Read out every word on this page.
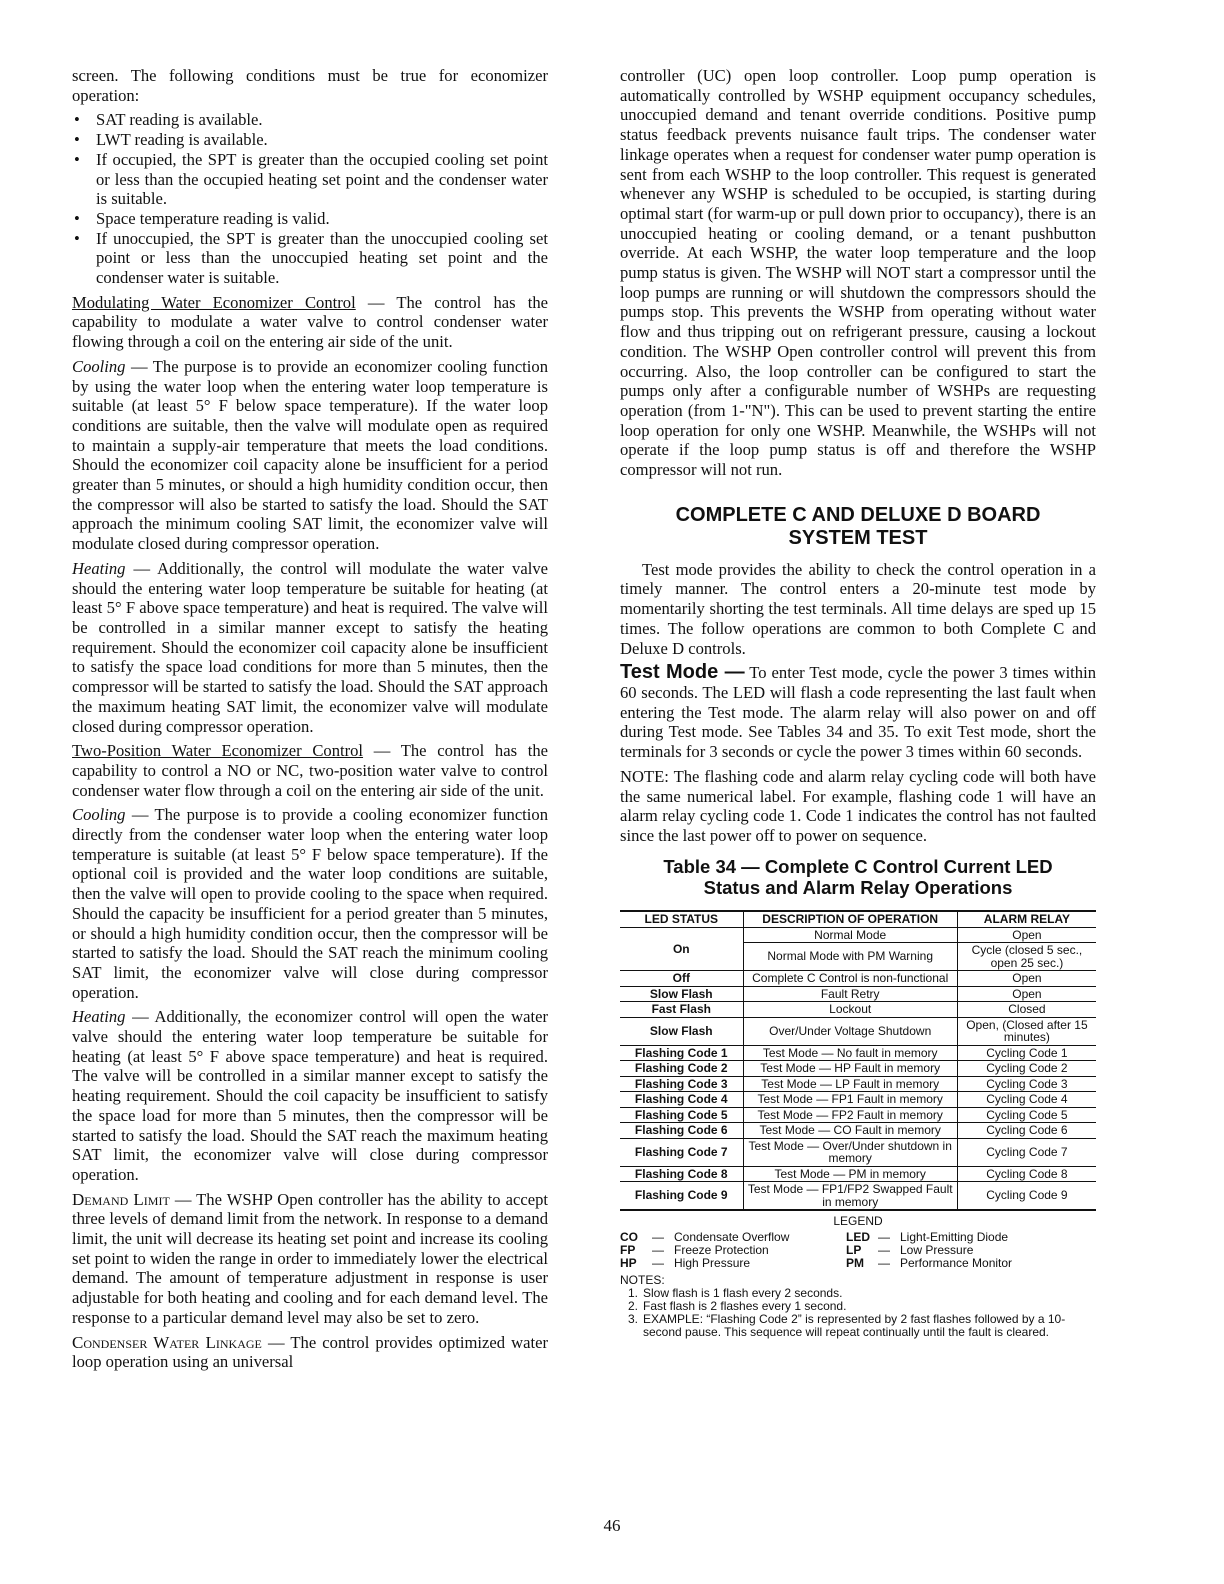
screen. The following conditions must be true for economizer operation:

• SAT reading is available.
• LWT reading is available.
• If occupied, the SPT is greater than the occupied cooling set point or less than the occupied heating set point and the condenser water is suitable.
• Space temperature reading is valid.
• If unoccupied, the SPT is greater than the unoccupied cooling set point or less than the unoccupied heating set point and the condenser water is suitable.

Modulating Water Economizer Control — The control has the capability to modulate a water valve to control condenser water flowing through a coil on the entering air side of the unit.

Cooling — The purpose is to provide an economizer cooling function by using the water loop when the entering water loop temperature is suitable (at least 5° F below space temperature). If the water loop conditions are suitable, then the valve will modulate open as required to maintain a supply-air temperature that meets the load conditions. Should the economizer coil capacity alone be insufficient for a period greater than 5 minutes, or should a high humidity condition occur, then the compressor will also be started to satisfy the load. Should the SAT approach the minimum cooling SAT limit, the economizer valve will modulate closed during compressor operation.

Heating — Additionally, the control will modulate the water valve should the entering water loop temperature be suitable for heating (at least 5° F above space temperature) and heat is required. The valve will be controlled in a similar manner except to satisfy the heating requirement. Should the economizer coil capacity alone be insufficient to satisfy the space load conditions for more than 5 minutes, then the compressor will be started to satisfy the load. Should the SAT approach the maximum heating SAT limit, the economizer valve will modulate closed during compressor operation.

Two-Position Water Economizer Control — The control has the capability to control a NO or NC, two-position water valve to control condenser water flow through a coil on the entering air side of the unit.

Cooling — The purpose is to provide a cooling economizer function directly from the condenser water loop when the entering water loop temperature is suitable (at least 5° F below space temperature). If the optional coil is provided and the water loop conditions are suitable, then the valve will open to provide cooling to the space when required. Should the capacity be insufficient for a period greater than 5 minutes, or should a high humidity condition occur, then the compressor will be started to satisfy the load. Should the SAT reach the minimum cooling SAT limit, the economizer valve will close during compressor operation.

Heating — Additionally, the economizer control will open the water valve should the entering water loop temperature be suitable for heating (at least 5° F above space temperature) and heat is required. The valve will be controlled in a similar manner except to satisfy the heating requirement. Should the coil capacity be insufficient to satisfy the space load for more than 5 minutes, then the compressor will be started to satisfy the load. Should the SAT reach the maximum heating SAT limit, the economizer valve will close during compressor operation.

Demand Limit — The WSHP Open controller has the ability to accept three levels of demand limit from the network. In response to a demand limit, the unit will decrease its heating set point and increase its cooling set point to widen the range in order to immediately lower the electrical demand. The amount of temperature adjustment in response is user adjustable for both heating and cooling and for each demand level. The response to a particular demand level may also be set to zero.

Condenser Water Linkage — The control provides optimized water loop operation using an universal

controller (UC) open loop controller. Loop pump operation is automatically controlled by WSHP equipment occupancy schedules, unoccupied demand and tenant override conditions. Positive pump status feedback prevents nuisance fault trips. The condenser water linkage operates when a request for condenser water pump operation is sent from each WSHP to the loop controller. This request is generated whenever any WSHP is scheduled to be occupied, is starting during optimal start (for warm-up or pull down prior to occupancy), there is an unoccupied heating or cooling demand, or a tenant pushbutton override. At each WSHP, the water loop temperature and the loop pump status is given. The WSHP will NOT start a compressor until the loop pumps are running or will shutdown the compressors should the pumps stop. This prevents the WSHP from operating without water flow and thus tripping out on refrigerant pressure, causing a lockout condition. The WSHP Open controller control will prevent this from occurring. Also, the loop controller can be configured to start the pumps only after a configurable number of WSHPs are requesting operation (from 1-"N"). This can be used to prevent starting the entire loop operation for only one WSHP. Meanwhile, the WSHPs will not operate if the loop pump status is off and therefore the WSHP compressor will not run.

COMPLETE C AND DELUXE D BOARD
SYSTEM TEST

Test mode provides the ability to check the control operation in a timely manner. The control enters a 20-minute test mode by momentarily shorting the test terminals. All time delays are sped up 15 times. The follow operations are common to both Complete C and Deluxe D controls.

Test Mode — To enter Test mode, cycle the power 3 times within 60 seconds. The LED will flash a code representing the last fault when entering the Test mode. The alarm relay will also power on and off during Test mode. See Tables 34 and 35. To exit Test mode, short the terminals for 3 seconds or cycle the power 3 times within 60 seconds.

NOTE: The flashing code and alarm relay cycling code will both have the same numerical label. For example, flashing code 1 will have an alarm relay cycling code 1. Code 1 indicates the control has not faulted since the last power off to power on sequence.

Table 34 — Complete C Control Current LED
Status and Alarm Relay Operations
LED STATUS	DESCRIPTION OF OPERATION	ALARM RELAY
On	Normal Mode	Open
	Normal Mode with PM Warning	Cycle (closed 5 sec., open 25 sec.)
Off	Complete C Control is non-functional	Open
Slow Flash	Fault Retry	Open
Fast Flash	Lockout	Closed
Slow Flash	Over/Under Voltage Shutdown	Open, (Closed after 15 minutes)
Flashing Code 1	Test Mode — No fault in memory	Cycling Code 1
Flashing Code 2	Test Mode — HP Fault in memory	Cycling Code 2
Flashing Code 3	Test Mode — LP Fault in memory	Cycling Code 3
Flashing Code 4	Test Mode — FP1 Fault in memory	Cycling Code 4
Flashing Code 5	Test Mode — FP2 Fault in memory	Cycling Code 5
Flashing Code 6	Test Mode — CO Fault in memory	Cycling Code 6
Flashing Code 7	Test Mode — Over/Under shutdown in memory	Cycling Code 7
Flashing Code 8	Test Mode — PM in memory	Cycling Code 8
Flashing Code 9	Test Mode — FP1/FP2 Swapped Fault in memory	Cycling Code 9
LEGEND
CO	— Condensate Overflow	LED — Light-Emitting Diode
FP	— Freeze Protection	LP	— Low Pressure
HP	— High Pressure	PM	— Performance Monitor
NOTES:
1. Slow flash is 1 flash every 2 seconds.
2. Fast flash is 2 flashes every 1 second.
3. EXAMPLE: “Flashing Code 2” is represented by 2 fast flashes followed by a 10-second pause. This sequence will repeat continually until the fault is cleared.
46
